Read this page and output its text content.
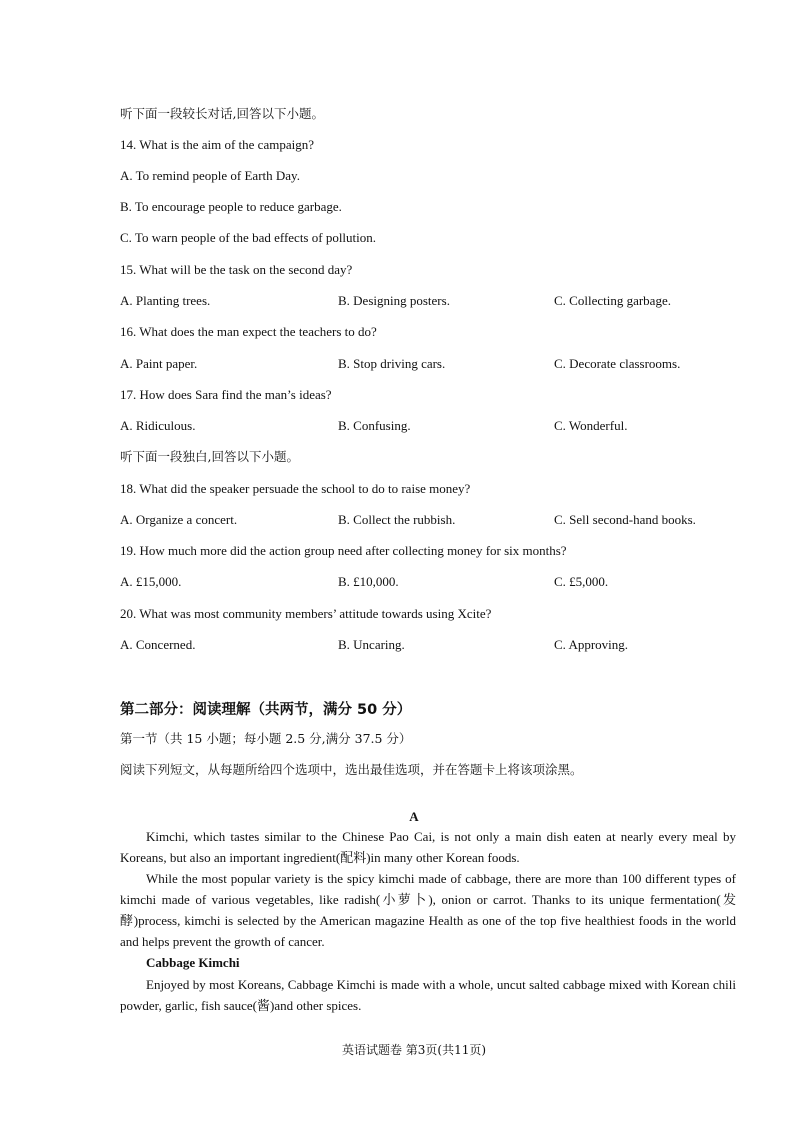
听下面一段较长对话,回答以下小题。
14. What is the aim of the campaign?
A. To remind people of Earth Day.
B. To encourage people to reduce garbage.
C. To warn people of the bad effects of pollution.
15. What will be the task on the second day?
A. Planting trees.	B. Designing posters.	C. Collecting garbage.
16. What does the man expect the teachers to do?
A. Paint paper.	B. Stop driving cars.	C. Decorate classrooms.
17. How does Sara find the man’s ideas?
A. Ridiculous.	B. Confusing.	C. Wonderful.
听下面一段独白,回答以下小题。
18. What did the speaker persuade the school to do to raise money?
A. Organize a concert.	B. Collect the rubbish.	C. Sell second-hand books.
19. How much more did the action group need after collecting money for six months?
A. £15,000.	B. £10,000.	C. £5,000.
20. What was most community members’ attitude towards using Xcite?
A. Concerned.	B. Uncaring.	C. Approving.
第二部分：阅读理解（共两节，满分 50 分）
第一节（共 15 小题；每小题 2.5 分,满分 37.5 分）
阅读下列短文，从每题所给四个选项中，选出最佳选项，并在答题卡上将该项涂黑。
A
Kimchi, which tastes similar to the Chinese Pao Cai, is not only a main dish eaten at nearly every meal by Koreans, but also an important ingredient(配料)in many other Korean foods.
While the most popular variety is the spicy kimchi made of cabbage, there are more than 100 different types of kimchi made of various vegetables, like radish(小萝卜), onion or carrot. Thanks to its unique fermentation(发酵)process, kimchi is selected by the American magazine Health as one of the top five healthiest foods in the world and helps prevent the growth of cancer.
Cabbage Kimchi
Enjoyed by most Koreans, Cabbage Kimchi is made with a whole, uncut salted cabbage mixed with Korean chili powder, garlic, fish sauce(酱)and other spices.
英语试题卷 第3页(共11页)
